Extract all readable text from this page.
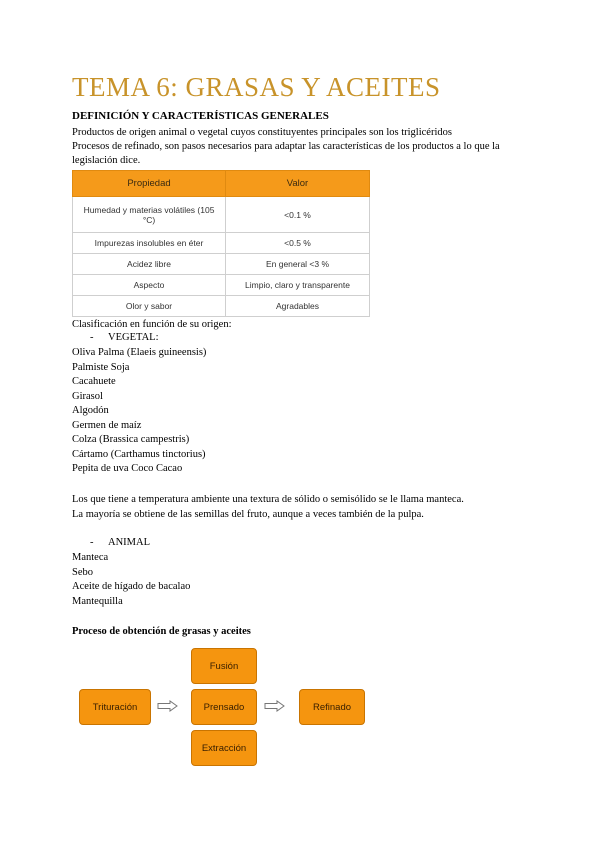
TEMA 6: GRASAS Y ACEITES
DEFINICIÓN Y CARACTERÍSTICAS GENERALES

Productos de origen animal o vegetal cuyos constituyentes principales son los triglicéridos

Procesos de refinado, son pasos necesarios para adaptar las características de los productos a lo que la

legislación dice.

Propiedad	Valor
Humedad y materias volátiles (105 °C)	<0.1 %
Impurezas insolubles en éter	<0.5 %
Acidez libre	En general <3 %
Aspecto	Limpio, claro y transparente
Olor y sabor	Agradables

Clasificación en función de su origen:

- VEGETAL:
Oliva Palma (Elaeis guineensis)
Palmiste Soja
Cacahuete
Girasol
Algodón
Germen de maíz
Colza (Brassica campestris)
Cártamo (Carthamus tinctorius)
Pepita de uva Coco Cacao

Los que tiene a temperatura ambiente una textura de sólido o semisólido se le llama manteca.

La mayoría se obtiene de las semillas del fruto, aunque a veces también de la pulpa.

- ANIMAL
Manteca
Sebo
Aceite de hígado de bacalao
Mantequilla
Proceso de obtención de grasas y aceites
Trituración
Fusión
Prensado
Extracción
Refinado
